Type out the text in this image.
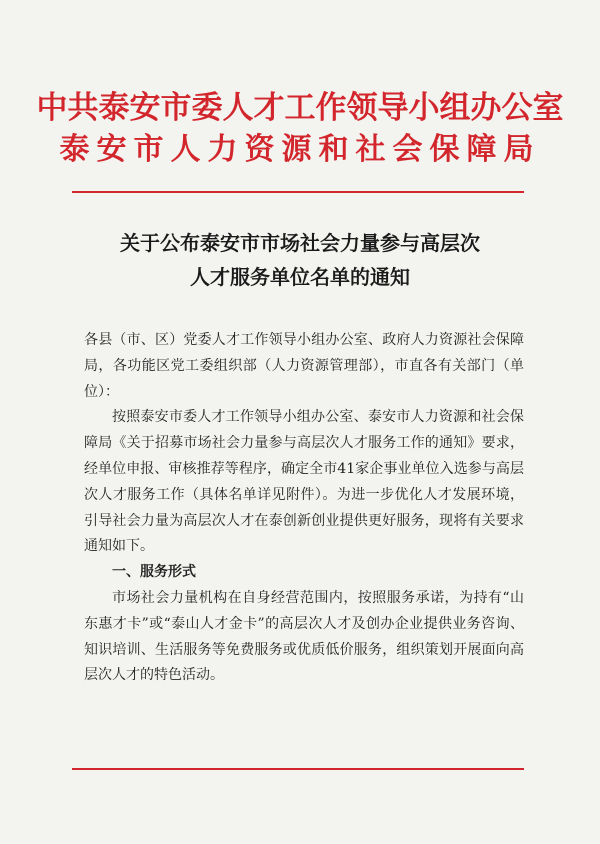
中共泰安市委人才工作领导小组办公室
泰安市人力资源和社会保障局
关于公布泰安市市场社会力量参与高层次
人才服务单位名单的通知

各县（市、区）党委人才工作领导小组办公室、政府人力资源社会保障局，各功能区党工委组织部（人力资源管理部），市直各有关部门（单位）：

按照泰安市委人才工作领导小组办公室、泰安市人力资源和社会保障局《关于招募市场社会力量参与高层次人才服务工作的通知》要求，经单位申报、审核推荐等程序，确定全市41家企事业单位入选参与高层次人才服务工作（具体名单详见附件）。为进一步优化人才发展环境，引导社会力量为高层次人才在泰创新创业提供更好服务，现将有关要求通知如下。

一、服务形式

市场社会力量机构在自身经营范围内，按照服务承诺，为持有“山东惠才卡”或“泰山人才金卡”的高层次人才及创办企业提供业务咨询、知识培训、生活服务等免费服务或优质低价服务，组织策划开展面向高层次人才的特色活动。
